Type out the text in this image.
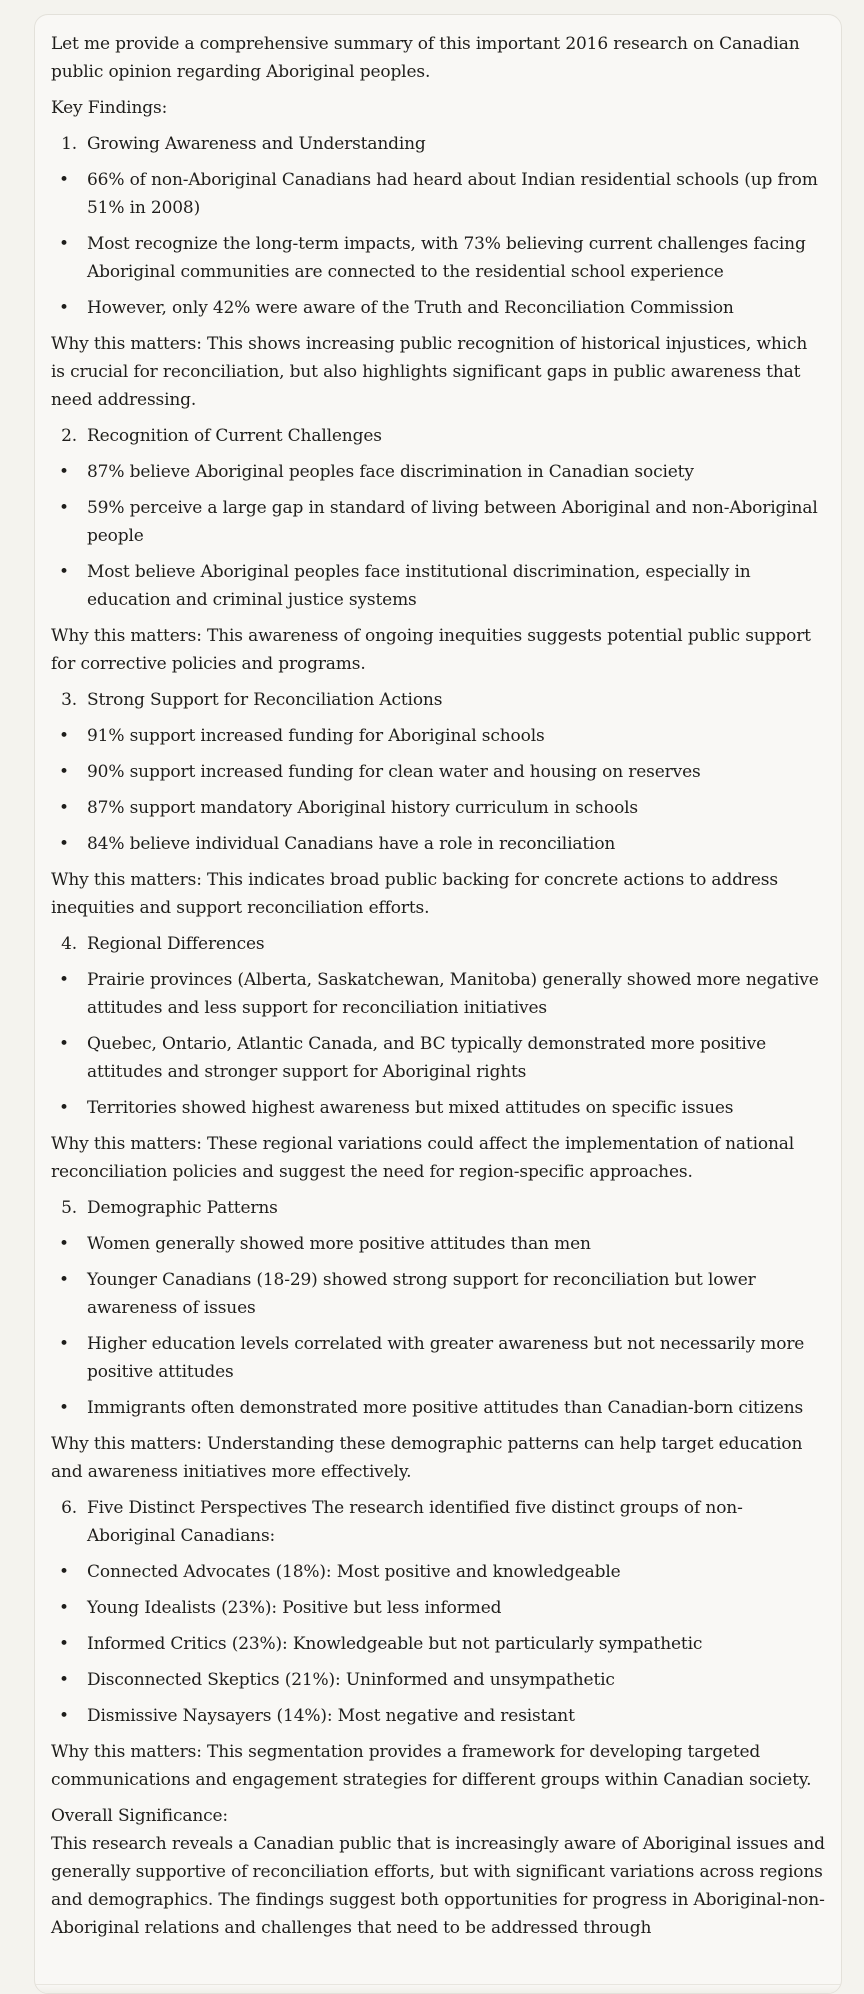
Let me provide a comprehensive summary of this important 2016 research on Canadian public opinion regarding Aboriginal peoples.

Key Findings:

1. Growing Awareness and Understanding
•	66% of non-Aboriginal Canadians had heard about Indian residential schools (up from 51% in 2008)
•	Most recognize the long-term impacts, with 73% believing current challenges facing Aboriginal communities are connected to the residential school experience
•	However, only 42% were aware of the Truth and Reconciliation Commission

Why this matters: This shows increasing public recognition of historical injustices, which is crucial for reconciliation, but also highlights significant gaps in public awareness that need addressing.

2. Recognition of Current Challenges
•	87% believe Aboriginal peoples face discrimination in Canadian society
•	59% perceive a large gap in standard of living between Aboriginal and non-Aboriginal people
•	Most believe Aboriginal peoples face institutional discrimination, especially in education and criminal justice systems

Why this matters: This awareness of ongoing inequities suggests potential public support for corrective policies and programs.

3. Strong Support for Reconciliation Actions
•	91% support increased funding for Aboriginal schools
•	90% support increased funding for clean water and housing on reserves
•	87% support mandatory Aboriginal history curriculum in schools
•	84% believe individual Canadians have a role in reconciliation

Why this matters: This indicates broad public backing for concrete actions to address inequities and support reconciliation efforts.

4. Regional Differences
•	Prairie provinces (Alberta, Saskatchewan, Manitoba) generally showed more negative attitudes and less support for reconciliation initiatives
•	Quebec, Ontario, Atlantic Canada, and BC typically demonstrated more positive attitudes and stronger support for Aboriginal rights
•	Territories showed highest awareness but mixed attitudes on specific issues

Why this matters: These regional variations could affect the implementation of national reconciliation policies and suggest the need for region-specific approaches.

5. Demographic Patterns
•	Women generally showed more positive attitudes than men
•	Younger Canadians (18-29) showed strong support for reconciliation but lower awareness of issues
•	Higher education levels correlated with greater awareness but not necessarily more positive attitudes
•	Immigrants often demonstrated more positive attitudes than Canadian-born citizens

Why this matters: Understanding these demographic patterns can help target education and awareness initiatives more effectively.

6. Five Distinct Perspectives The research identified five distinct groups of non-Aboriginal Canadians:
•	Connected Advocates (18%): Most positive and knowledgeable
•	Young Idealists (23%): Positive but less informed
•	Informed Critics (23%): Knowledgeable but not particularly sympathetic
•	Disconnected Skeptics (21%): Uninformed and unsympathetic
•	Dismissive Naysayers (14%): Most negative and resistant

Why this matters: This segmentation provides a framework for developing targeted communications and engagement strategies for different groups within Canadian society.

Overall Significance:
This research reveals a Canadian public that is increasingly aware of Aboriginal issues and generally supportive of reconciliation efforts, but with significant variations across regions and demographics. The findings suggest both opportunities for progress in Aboriginal-non-Aboriginal relations and challenges that need to be addressed through
